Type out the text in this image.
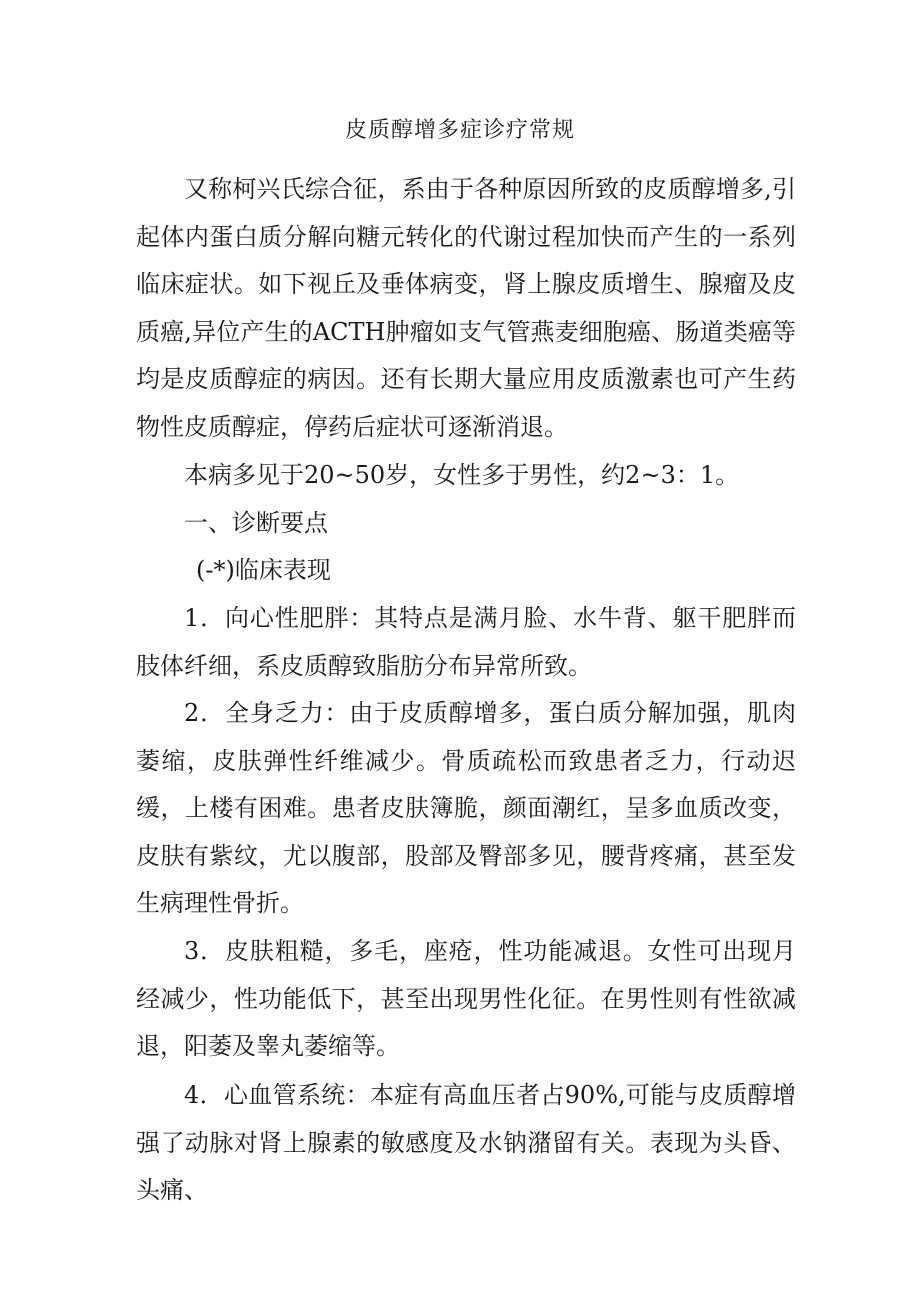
皮质醇增多症诊疗常规

又称柯兴氏综合征，系由于各种原因所致的皮质醇增多,引起体内蛋白质分解向糖元转化的代谢过程加快而产生的一系列临床症状。如下视丘及垂体病变，肾上腺皮质增生、腺瘤及皮质癌,异位产生的ACTH肿瘤如支气管燕麦细胞癌、肠道类癌等均是皮质醇症的病因。还有长期大量应用皮质激素也可产生药物性皮质醇症，停药后症状可逐渐消退。

本病多见于20~50岁，女性多于男性，约2~3：1。

一、诊断要点

(-*)临床表现

1．向心性肥胖：其特点是满月脸、水牛背、躯干肥胖而肢体纤细，系皮质醇致脂肪分布异常所致。

2．全身乏力：由于皮质醇增多，蛋白质分解加强，肌肉萎缩，皮肤弹性纤维减少。骨质疏松而致患者乏力，行动迟缓，上楼有困难。患者皮肤簿脆，颜面潮红，呈多血质改变，皮肤有紫纹，尤以腹部，股部及臀部多见，腰背疼痛，甚至发生病理性骨折。

3．皮肤粗糙，多毛，座疮，性功能减退。女性可出现月经减少，性功能低下，甚至出现男性化征。在男性则有性欲减退，阳萎及睾丸萎缩等。

4．心血管系统：本症有高血压者占90%,可能与皮质醇增强了动脉对肾上腺素的敏感度及水钠潴留有关。表现为头昏、头痛、
